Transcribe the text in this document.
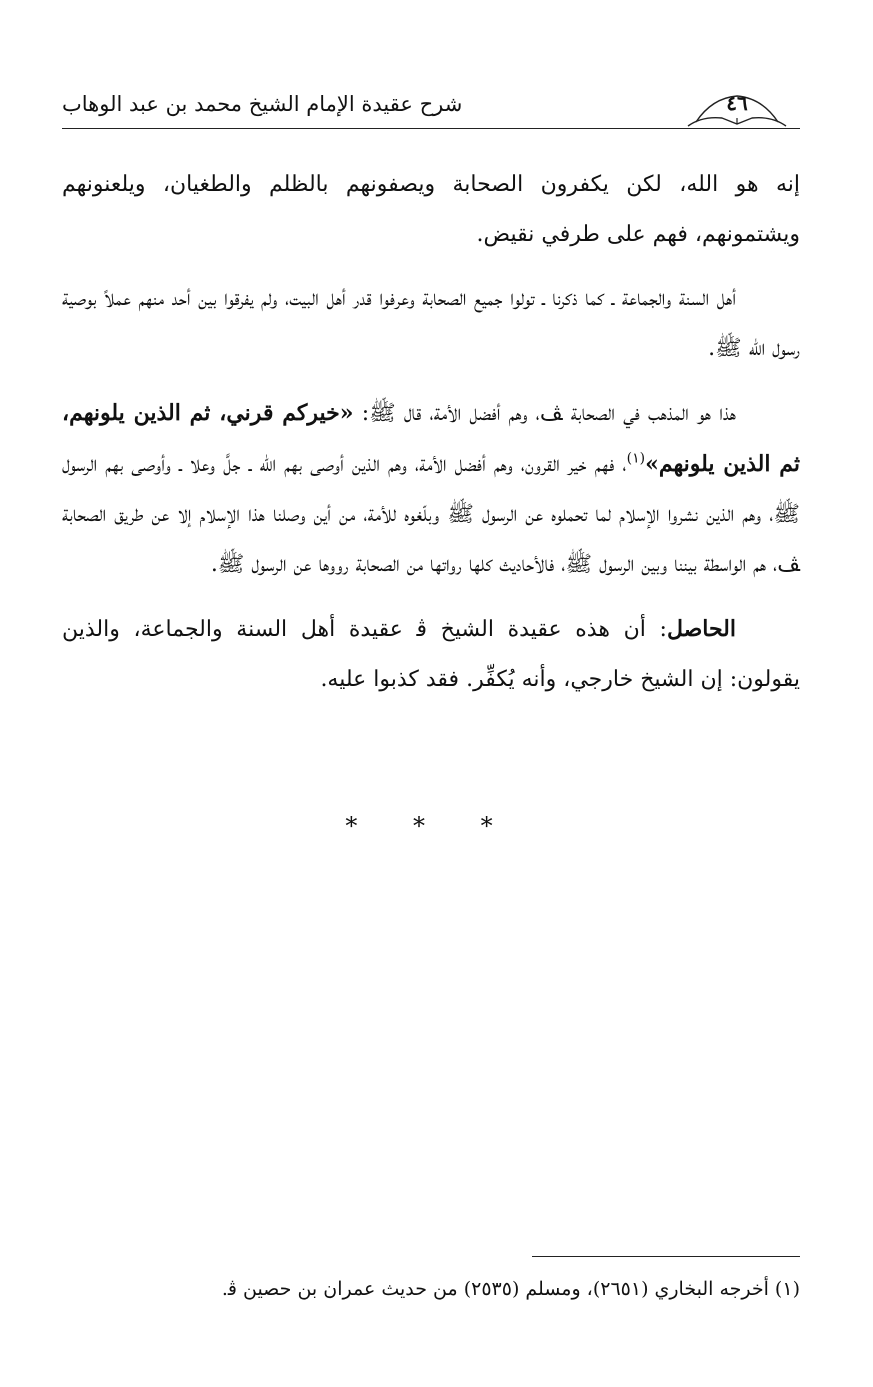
شرح عقيدة الإمام الشيخ محمد بن عبد الوهاب	٤٦

إنه هو الله، لكن يكفرون الصحابة ويصفونهم بالظلم والطغيان، ويلعنونهم ويشتمونهم، فهم على طرفي نقيض.

أهل السنة والجماعة ـ كما ذكرنا ـ تولوا جميع الصحابة وعرفوا قدر أهل البيت، ولم يفرقوا بين أحد منهم عملاً بوصية رسول الله ﷺ.

هذا هو المذهب في الصحابة ﭫ، وهم أفضل الأمة، قال ﷺ: «خيركم قرني، ثم الذين يلونهم، ثم الذين يلونهم»$^{(١)}$، فهم خير القرون، وهم أفضل الأمة، وهم الذين أوصى بهم الله ـ جلَّ وعلا ـ وأوصى بهم الرسول ﷺ، وهم الذين نشروا الإسلام لما تحملوه عن الرسول ﷺ وبلّغوه للأمة، من أين وصلنا هذا الإسلام إلا عن طريق الصحابة ﭫ، هم الواسطة بيننا وبين الرسول ﷺ، فالأحاديث كلها رواتها من الصحابة رووها عن الرسول ﷺ.

الحاصل: أن هذه عقيدة الشيخ ﭬ عقيدة أهل السنة والجماعة، والذين يقولون: إن الشيخ خارجي، وأنه يُكفِّر. فقد كذبوا عليه.

* * *
(١) أخرجه البخاري (٢٦٥١)، ومسلم (٢٥٣٥) من حديث عمران بن حصين ﭬ.
